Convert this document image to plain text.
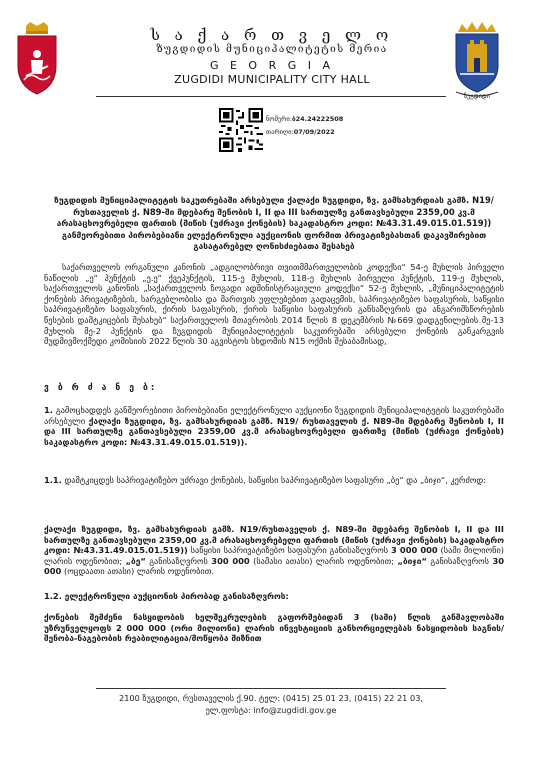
ს ა ქ ა რ თ ვ ე ლ ო
ზუგდიდის მუნიციპალიტეტის მერია
G E O R G I A
ZUGDIDI MUNICIPALITY CITY HALL
ზუგდიდი
ნომერი:ბ24.24222508
თარიღი:07/09/2022
ზუგდიდის მუნიციპალიტეტის საკუთრებაში არსებული ქალაქი ზუგდიდი, ზვ. გამსახურდიას გამზ. N19/რუსთაველის ქ. N89-ში მდებარე შენობის I, II და III სართულზე განთავსებული 2359,00 კვ.მ არასაცხოვრებელი ფართის (მიწის (უძრავი ქონების) საკადასტრო კოდი: №43.31.49.015.01.519)) განმეორებითი პირობებიანი ელექტრონული აუქციონის ფორმით პრივატიზებასთან დაკავშირებით გასატარებელ ღონისძიებათა შესახებ
საქართველოს ორგანული კანონის „ადგილობრივი თვითმმართველობის კოდექსი“ 54-ე მუხლის პირველი ნაწილის „ე“ პუნქტის „ე.ე“ ქვეპუნქტის, 115-ე მუხლის, 118-ე მუხლის პირველი პუნქტის, 119-ე მუხლის, საქართველოს კანონის „საქართველოს ზოგადი ადმინისტრაციული კოდექსი“ 52-ე მუხლის, „მუნიციპალიტეტის ქონების პრივატიზების, სარგებლობისა და მართვის უფლებებით გადაცემის, საპრივატიზებო საფასურის, საწყისი საპრივატიზებო საფასურის, ქირის საფასურის, ქირის საწყისი საფასურის განსაზღვრის და ანგარიშსწორების წესების დამტკიცების შესახებ“ საქართველოს მთავრობის 2014 წლის 8 დეკემბრის №669 დადგენილების მე-13 მუხლის მე-2 პუნქტის და ზუგდიდის მუნიციპალიტეტის საკუთრებაში არსებული ქონების განკარგვის მუდმივმოქმედი კომისიის 2022 წლის 30 აგვისტოს სხდომის N15 ოქმის შესაბამისად,
ვ ბ რ ძ ა ნ ე ბ:
1. გამოცხადდეს განმეორებითი პირობებიანი ელექტრონული აუქციონი ზუგდიდის მუნიციპალიტეტის საკუთრებაში არსებული ქალაქი ზუგდიდი, ზვ. გამსახურდიას გამზ. N19/ რუსთაველის ქ. N89-ში მდებარე შენობის I, II და III სართულზე განთავსებული 2359,00 კვ.მ არასაცხოვრებელი ფართზე (მიწის (უძრავი ქონების) საკადასტრო კოდი: №43.31.49.015.01.519)).
1.1. დამტკიცდეს საპრივატიზებო უძრავი ქონების, საწყისი საპრივატიზებო საფასური „ბე“ და „ბიჯი“, კერძოდ:
ქალაქი ზუგდიდი, ზვ. გამსახურდიას გამზ. N19/რუსთაველის ქ. N89-ში მდებარე შენობის I, II და III სართულზე განთავსებული 2359,00 კვ.მ არასაცხოვრებელი ფართის (მიწის (უძრავი ქონების) საკადასტრო კოდი: №43.31.49.015.01.519)) საწყისი საპრივატიზებო საფასური განისაზღვროს 3 000 000 (სამი მილიონი) ლარის ოდენობით; „ბე“ განისაზღვროს 300 000 (სამასი ათასი) ლარის ოდენობით; „ბიჯი“ განისაზღვროს 30 000 (ოცდაათი ათასი) ლარის ოდენობით.
1.2. ელექტრონული აუქციონის პირობად განისაზღვროს:
ქონების შემძენი ნასყიდობის ხელშეკრულების გაფორმებიდან 3 (სამი) წლის განმავლობაში უზრუნველყოფს 2 000 000 (ორი მილიონი) ლარის ინვესტიციის განხორციელებას ნასყიდობის საგნის/შენობა-ნაგებობის რეაბილიტაცია/მოწყობა მიზნით
2100 ზუგდიდი, რუსთაველის ქ.90. ტელ: (0415) 25 01 23, (0415) 22 21 03,
ელ.ფოსტა: info@zugdidi.gov.ge
